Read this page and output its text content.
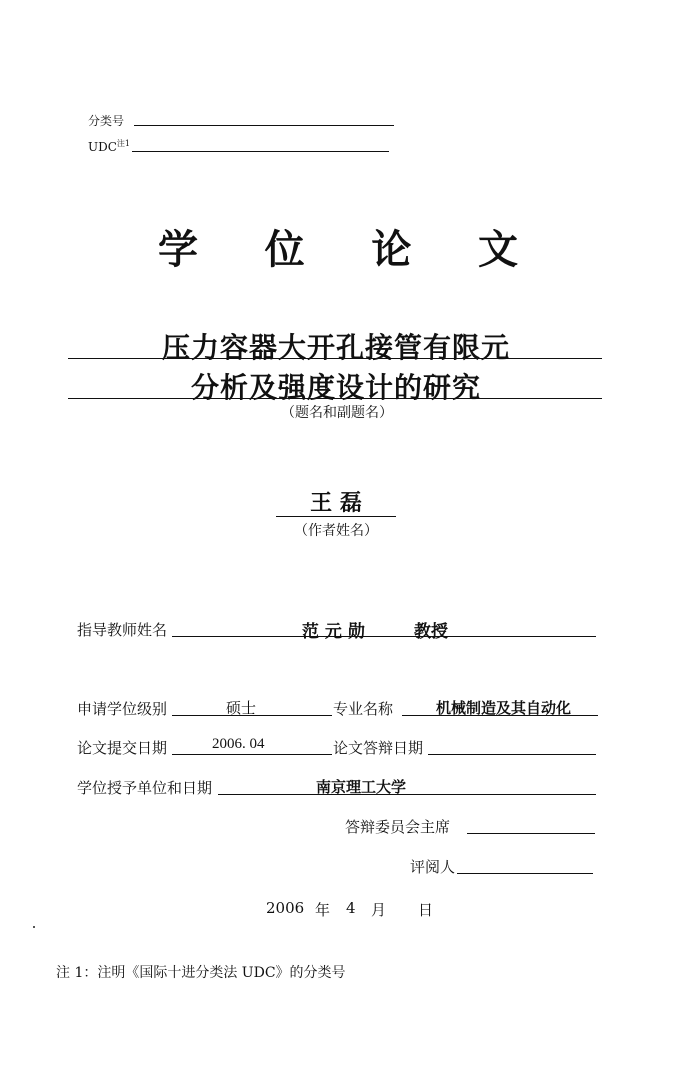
分类号
UDC$^{注1}$
学 位 论 文
压力容器大开孔接管有限元
分析及强度设计的研究
（题名和副题名）
王 磊
（作者姓名）
指导教师姓名	范 元 勋	教授
申请学位级别	硕士	专业名称	机械制造及其自动化
论文提交日期	2006. 04	论文答辩日期
学位授予单位和日期	南京理工大学
答辩委员会主席
评阅人
2006 年 4 月 日
注 1：注明《国际十进分类法 UDC》的分类号
